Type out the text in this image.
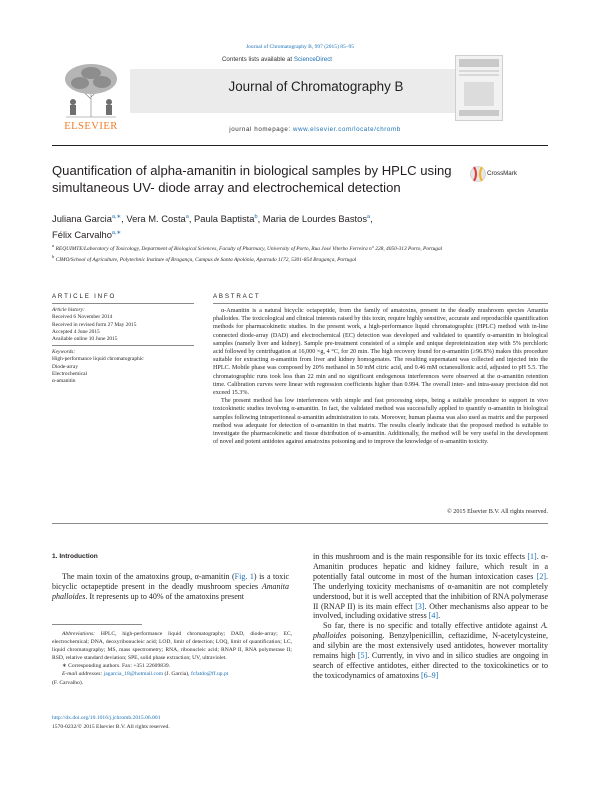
Journal of Chromatography B, 997 (2015) 85–95
Contents lists available at ScienceDirect
ELSEVIER
Journal of Chromatography B
journal homepage: www.elsevier.com/locate/chromb
Quantification of alpha-amanitin in biological samples by HPLC using simultaneous UV- diode array and electrochemical detection
CrossMark
Juliana Garcia$^{a,∗}$, Vera M. Costa$^a$, Paula Baptista$^b$, Maria de Lourdes Bastos$^a$,
Félix Carvalho$^{a,∗}$
$^a$ REQUIMTE/Laboratory of Toxicology, Department of Biological Sciences, Faculty of Pharmacy, University of Porto, Rua José Viterbo Ferreira n° 228, 4050-313 Porto, Portugal
$^b$ CIMO/School of Agriculture, Polytechnic Institute of Bragança, Campus de Santa Apolónia, Apartado 1172, 5301-854 Bragança, Portugal
ARTICLE INFO	ABSTRACT
Article history:
Received 6 November 2014
Received in revised form 27 May 2015
Accepted 4 June 2015
Available online 10 June 2015
Keywords:
High-performance liquid chromatographic
Diode-array
Electrochemical
α-amanitin

α-Amanitin is a natural bicyclic octapeptide, from the family of amatoxins, present in the deadly mushroom species Amanita phalloides. The toxicological and clinical interests raised by this toxin, require highly sensitive, accurate and reproducible quantification methods for pharmacokinetic studies. In the present work, a high-performance liquid chromatographic (HPLC) method with in-line connected diode-array (DAD) and electrochemical (EC) detection was developed and validated to quantify α-amanitin in biological samples (namely liver and kidney). Sample pre-treatment consisted of a simple and unique deproteinization step with 5% perchloric acid followed by centrifugation at 16,000 ×g, 4 °C, for 20 min. The high recovery found for α-amanitin (≥96.8%) makes this procedure suitable for extracting α-amanitin from liver and kidney homogenates. The resulting supernatant was collected and injected into the HPLC. Mobile phase was composed by 20% methanol in 50 mM citric acid, and 0.46 mM octanesulfonic acid, adjusted to pH 5.5. The chromatographic runs took less than 22 min and no significant endogenous interferences were observed at the α-amanitin retention time. Calibration curves were linear with regression coefficients higher than 0.994. The overall inter- and intra-assay precision did not exceed 15.3%.

The present method has low interferences with simple and fast processing steps, being a suitable procedure to support in vivo toxicokinetic studies involving α-amanitin. In fact, the validated method was successfully applied to quantify α-amanitin in biological samples following intraperitoneal α-amanitin administration to rats. Moreover, human plasma was also used as matrix and the purposed method was adequate for detection of α-amanitin in that matrix. The results clearly indicate that the proposed method is suitable to investigate the pharmacokinetic and tissue distribution of α-amanitin. Additionally, the method will be very useful in the development of novel and potent antidotes against amatoxins poisoning and to improve the knowledge of α-amanitin toxicity.

© 2015 Elsevier B.V. All rights reserved.
1. Introduction

The main toxin of the amatoxins group, α-amanitin (Fig. 1) is a toxic bicyclic octapeptide present in the deadly mushroom species Amanita phalloides. It represents up to 40% of the amatoxins present

Abbreviations: HPLC, high-performance liquid chromatography; DAD, diode-array; EC, electrochemical; DNA, deoxyribonucleic acid; LOD, limit of detection; LOQ, limit of quantification; LC, liquid chromatography; MS, mass spectrometry; RNA, ribonucleic acid; RNAP II, RNA polymerase II; RSD, relative standard deviation; SPE, solid phase extraction; UV, ultraviolet.

∗ Corresponding authors. Fax: +351 22609839.

E-mail addresses: jagarcia_18@hotmail.com (J. Garcia), fcfatdo@ff.up.pt

(F. Carvalho).
http://dx.doi.org/10.1016/j.jchromb.2015.06.001
1570-0232/© 2015 Elsevier B.V. All rights reserved.

in this mushroom and is the main responsible for its toxic effects [1]. α-Amanitin produces hepatic and kidney failure, which result in a potentially fatal outcome in most of the human intoxication cases [2]. The underlying toxicity mechanisms of α-amanitin are not completely understood, but it is well accepted that the inhibition of RNA polymerase II (RNAP II) is its main effect [3]. Other mechanisms also appear to be involved, including oxidative stress [4].

So far, there is no specific and totally effective antidote against A. phalloides poisoning. Benzylpenicillin, ceftazidime, N-acetylcysteine, and silybin are the most extensively used antidotes, however mortality remains high [5]. Currently, in vivo and in silico studies are ongoing in search of effective antidotes, either directed to the toxicokinetics or to the toxicodynamics of amatoxins [6–9]
